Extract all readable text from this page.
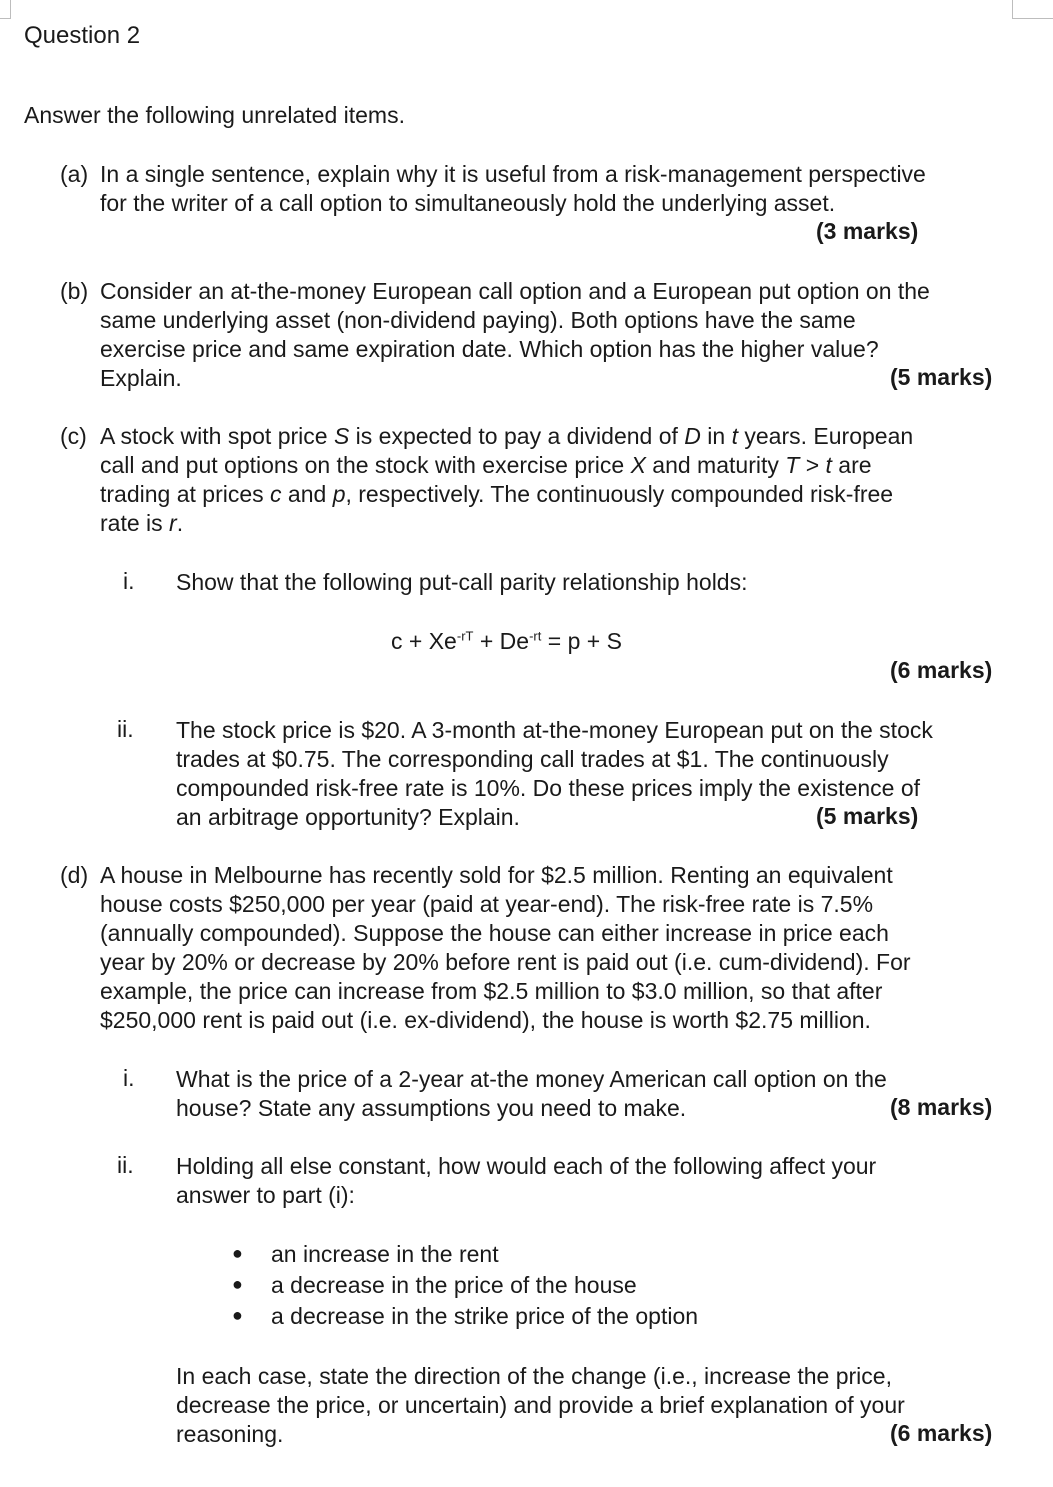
Question 2
Answer the following unrelated items.
(a) In a single sentence, explain why it is useful from a risk-management perspective
for the writer of a call option to simultaneously hold the underlying asset.
(3 marks)
(b) Consider an at-the-money European call option and a European put option on the
same underlying asset (non-dividend paying). Both options have the same
exercise price and same expiration date. Which option has the higher value?
Explain.	(5 marks)
(c) A stock with spot price S is expected to pay a dividend of D in t years. European
call and put options on the stock with exercise price X and maturity T > t are
trading at prices c and p, respectively. The continuously compounded risk-free
rate is r.
i. Show that the following put-call parity relationship holds:
$c + Xe^{-rT} + De^{-rt} = p + S$
(6 marks)
ii. The stock price is $20. A 3-month at-the-money European put on the stock
trades at $0.75. The corresponding call trades at $1. The continuously
compounded risk-free rate is 10%. Do these prices imply the existence of
an arbitrage opportunity? Explain.	(5 marks)
(d) A house in Melbourne has recently sold for $2.5 million. Renting an equivalent
house costs $250,000 per year (paid at year-end). The risk-free rate is 7.5%
(annually compounded). Suppose the house can either increase in price each
year by 20% or decrease by 20% before rent is paid out (i.e. cum-dividend). For
example, the price can increase from $2.5 million to $3.0 million, so that after
$250,000 rent is paid out (i.e. ex-dividend), the house is worth $2.75 million.
i. What is the price of a 2-year at-the money American call option on the
house? State any assumptions you need to make.	(8 marks)
ii. Holding all else constant, how would each of the following affect your
answer to part (i):
● an increase in the rent
● a decrease in the price of the house
● a decrease in the strike price of the option
In each case, state the direction of the change (i.e., increase the price,
decrease the price, or uncertain) and provide a brief explanation of your
reasoning.	(6 marks)
